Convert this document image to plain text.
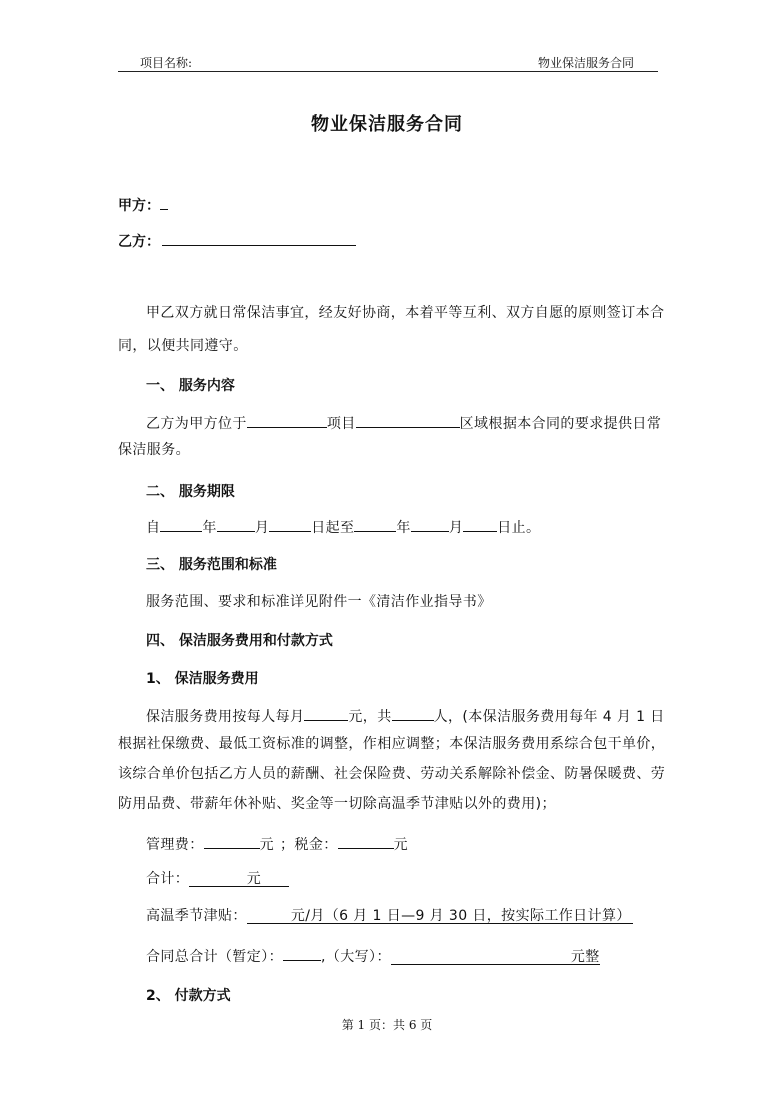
项目名称:	物业保洁服务合同
物业保洁服务合同
甲方：
乙方：
甲乙双方就日常保洁事宜，经友好协商，本着平等互利、双方自愿的原则签订本合
同，以便共同遵守。
一、 服务内容
乙方为甲方位于	项目	区域根据本合同的要求提供日常
保洁服务。
二、 服务期限
自	年	月	日起至	年	月 日止。
三、 服务范围和标准
服务范围、要求和标准详见附件一《清洁作业指导书》
四、 保洁服务费用和付款方式
1、 保洁服务费用
保洁服务费用按每人每月	元，共	人，(本保洁服务费用每年 4 月 1 日
根据社保缴费、最低工资标准的调整，作相应调整；本保洁服务费用系综合包干单价，
该综合单价包括乙方人员的薪酬、社会保险费、劳动关系解除补偿金、防暑保暖费、劳
防用品费、带薪年休补贴、奖金等一切除高温季节津贴以外的费用)；
管理费：	元 ；税金：	元
合计：	元
高温季节津贴：	元/月（6 月 1 日—9 月 30 日，按实际工作日计算）
合同总合计（暂定）：	,（大写）：	元整
2、 付款方式
第 1 页：共 6 页
